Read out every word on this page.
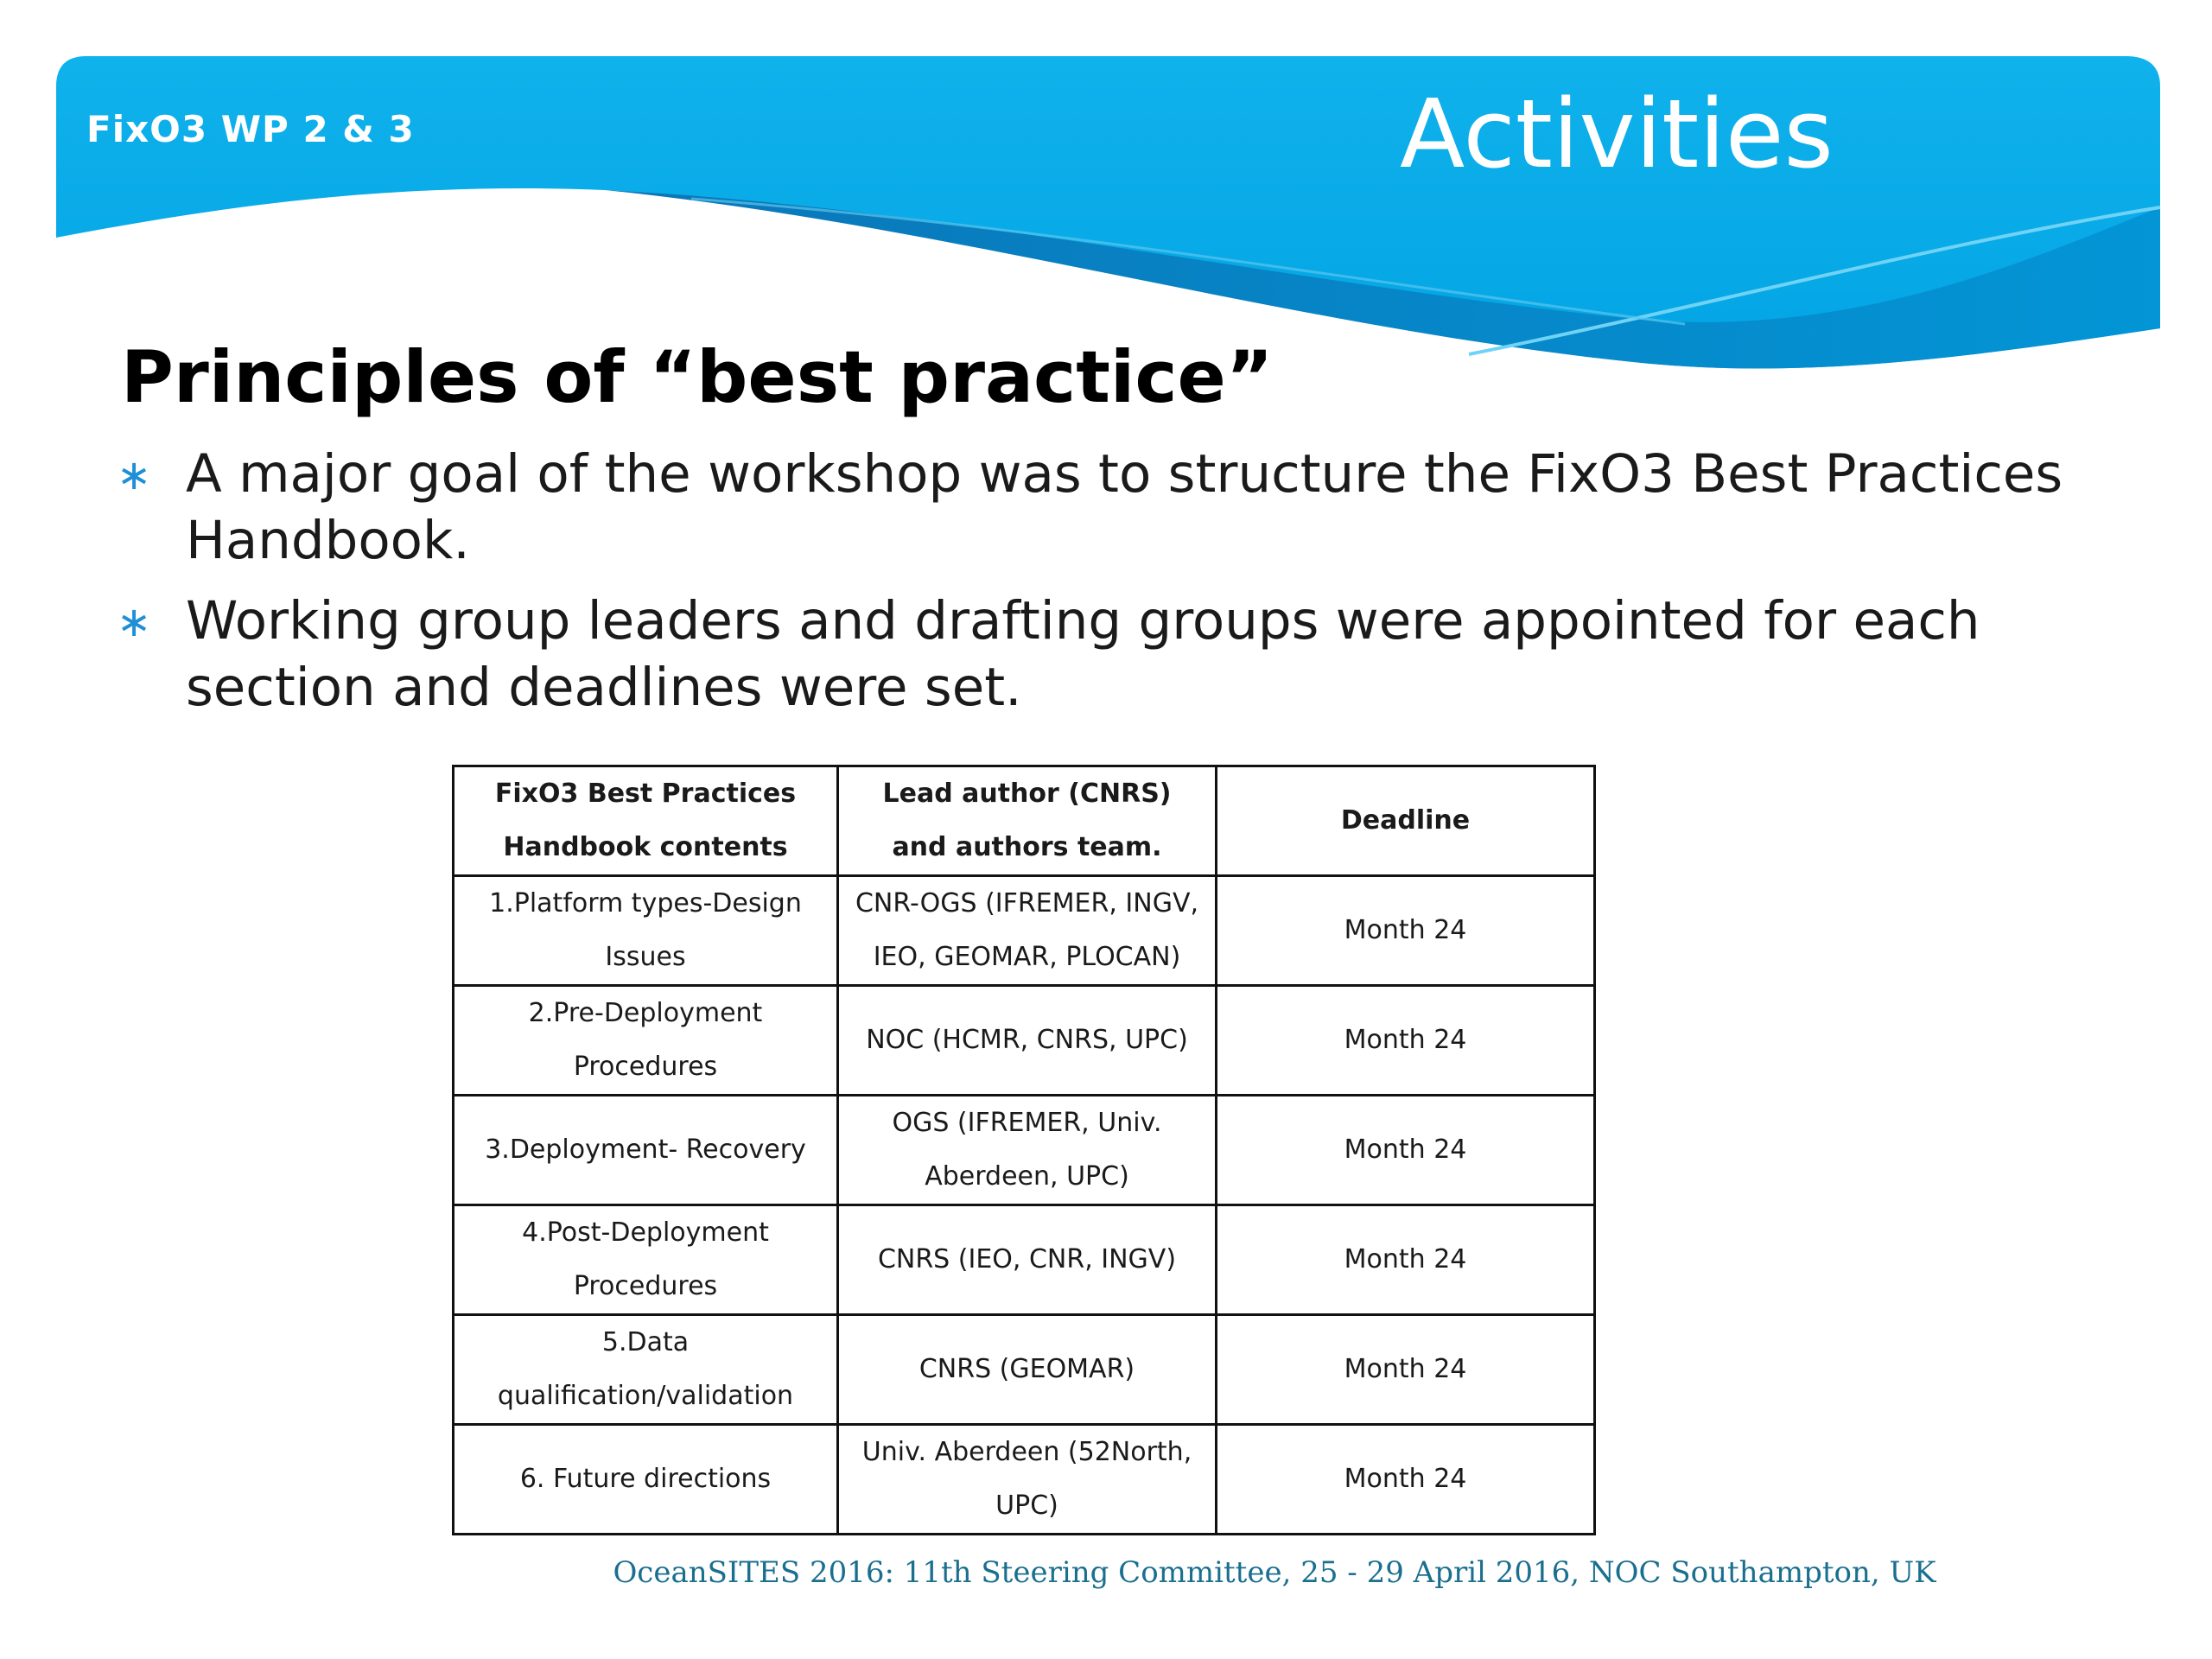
FixO3 WP 2 & 3	Activities
Principles of “best practice”
∗ A major goal of the workshop was to structure the FixO3 Best Practices Handbook.
∗ Working group leaders and drafting groups were appointed for each section and deadlines were set.
FixO3 Best Practices Handbook contents	Lead author (CNRS) and authors team.	Deadline
1.Platform types-Design Issues	CNR-OGS (IFREMER, INGV, IEO, GEOMAR, PLOCAN)	Month 24
2.Pre-Deployment Procedures	NOC (HCMR, CNRS, UPC)	Month 24
3.Deployment- Recovery	OGS (IFREMER, Univ. Aberdeen, UPC)	Month 24
4.Post-Deployment Procedures	CNRS (IEO, CNR, INGV)	Month 24
5.Data qualification/validation	CNRS (GEOMAR)	Month 24
6. Future directions	Univ. Aberdeen (52North, UPC)	Month 24
OceanSITES 2016: 11th Steering Committee, 25 - 29 April 2016, NOC Southampton, UK
